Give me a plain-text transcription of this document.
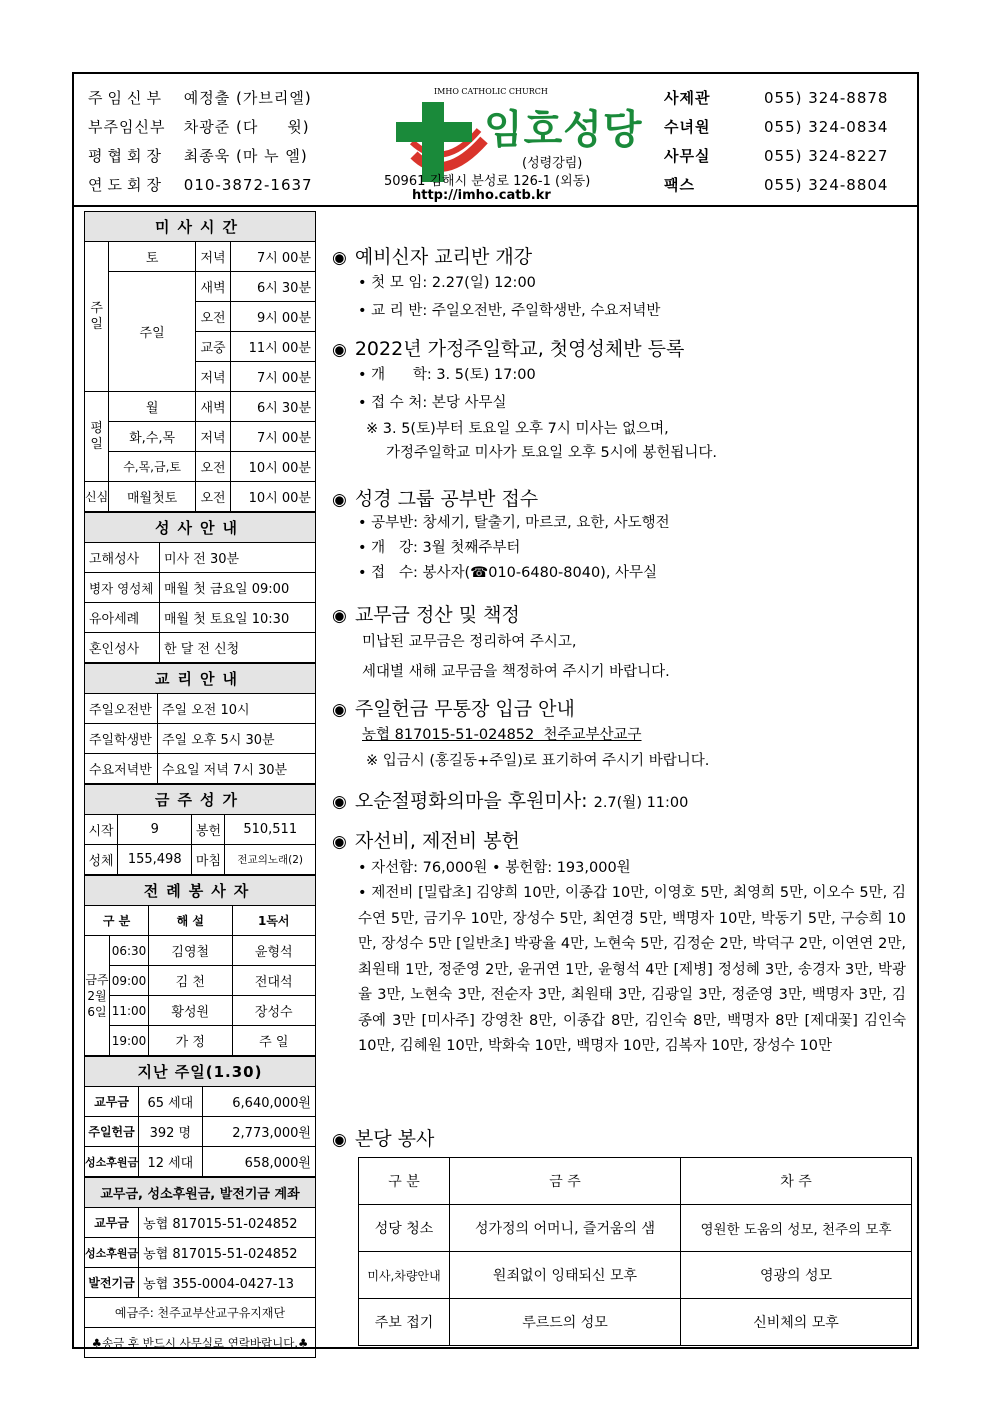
주임신부 예정출 (가브리엘)
부주임신부 차광준 (다     윗)
평협회장 최종욱 (마 누 엘)
연도회장 010-3872-1637
IMHO CATHOLIC CHURCH
임호성당
(성령강림)
50961 김해시 분성로 126-1 (외동)
http://imho.catb.kr
사제관	055) 324-8878
수녀원	055) 324-0834
사무실	055) 324-8227
팩스	055) 324-8804
미사시간			
주일	토	저녁	7시 00분
	주일	새벽	6시 30분
		오전	9시 00분
		교중	11시 00분
		저녁	7시 00분
평일	월	새벽	6시 30분
	화,수,목	저녁	7시 00분
	수,목,금,토	오전	10시 00분
신심	매월첫토	오전	10시 00분
성사안내	
고해성사	미사 전 30분
병자 영성체	매월 첫 금요일 09:00
유아세례	매월 첫 토요일 10:30
혼인성사	한 달 전 신청
교리안내	
주일오전반	주일 오전 10시
주일학생반	주일 오후 5시 30분
수요저녁반	수요일 저녁 7시 30분
금주성가			
시작	9	봉헌	510,511
성체	155,498	마침	전교의노래(2)
전례봉사자			
구 분		해 설	1독서
금주 2월 6일	06:30	김영철	윤형석
	09:00	김 천	전대석
	11:00	황성원	장성수
	19:00	가 정	주 일
지난 주일(1.30)		
교무금	65 세대	6,640,000원
주일헌금	392 명	2,773,000원
성소후원금	12 세대	658,000원
교무금, 성소후원금, 발전기금 계좌	
교무금	농협 817015-51-024852
성소후원금	농협 817015-51-024852
발전기금	농협 355-0004-0427-13
예금주: 천주교부산교구유지재단	
♣송금 후 반드시 사무실로 연락바랍니다.♣	
◉ 예비신자 교리반 개강
• 첫 모 임: 2.27(일) 12:00
• 교 리 반: 주일오전반, 주일학생반, 수요저녁반
◉ 2022년 가정주일학교, 첫영성체반 등록
• 개      학: 3. 5(토) 17:00
• 접 수 처: 본당 사무실
※ 3. 5(토)부터 토요일 오후 7시 미사는 없으며,
가정주일학교 미사가 토요일 오후 5시에 봉헌됩니다.
◉ 성경 그룹 공부반 접수
• 공부반: 창세기, 탈출기, 마르코, 요한, 사도행전
• 개   강: 3월 첫째주부터
• 접   수: 봉사자(☎010-6480-8040), 사무실
◉ 교무금 정산 및 책정
미납된 교무금은 정리하여 주시고,
세대별 새해 교무금을 책정하여 주시기 바랍니다.
◉ 주일헌금 무통장 입금 안내
농협 817015-51-024852  천주교부산교구
※ 입금시 (홍길동+주일)로 표기하여 주시기 바랍니다.
◉ 오순절평화의마을 후원미사: 2.7(월) 11:00
◉ 자선비, 제전비 봉헌
• 자선함: 76,000원 • 봉헌함: 193,000원
• 제전비 [밀랍초] 김양희 10만, 이종갑 10만, 이영호 5만, 최영희 5만, 이오수 5만, 김수연 5만, 금기우 10만, 장성수 5만, 최연경 5만, 백명자 10만, 박동기 5만, 구승희 10만, 장성수 5만 [일반초] 박광율 4만, 노현숙 5만, 김정순 2만, 박덕구 2만, 이연연 2만, 최원태 1만, 정준영 2만, 윤귀연 1만, 윤형석 4만 [제병] 정성혜 3만, 송경자 3만, 박광율 3만, 노현숙 3만, 전순자 3만, 최원태 3만, 김광일 3만, 정준영 3만, 백명자 3만, 김종예 3만 [미사주] 강영찬 8만, 이종갑 8만, 김인숙 8만, 백명자 8만 [제대꽃] 김인숙 10만, 김혜원 10만, 박화숙 10만, 백명자 10만, 김복자 10만, 장성수 10만
◉ 본당 봉사
구 분	금 주	차 주
성당 청소	성가정의 어머니, 즐거움의 샘	영원한 도움의 성모, 천주의 모후
미사,차량안내	원죄없이 잉태되신 모후	영광의 성모
주보 접기	루르드의 성모	신비체의 모후
